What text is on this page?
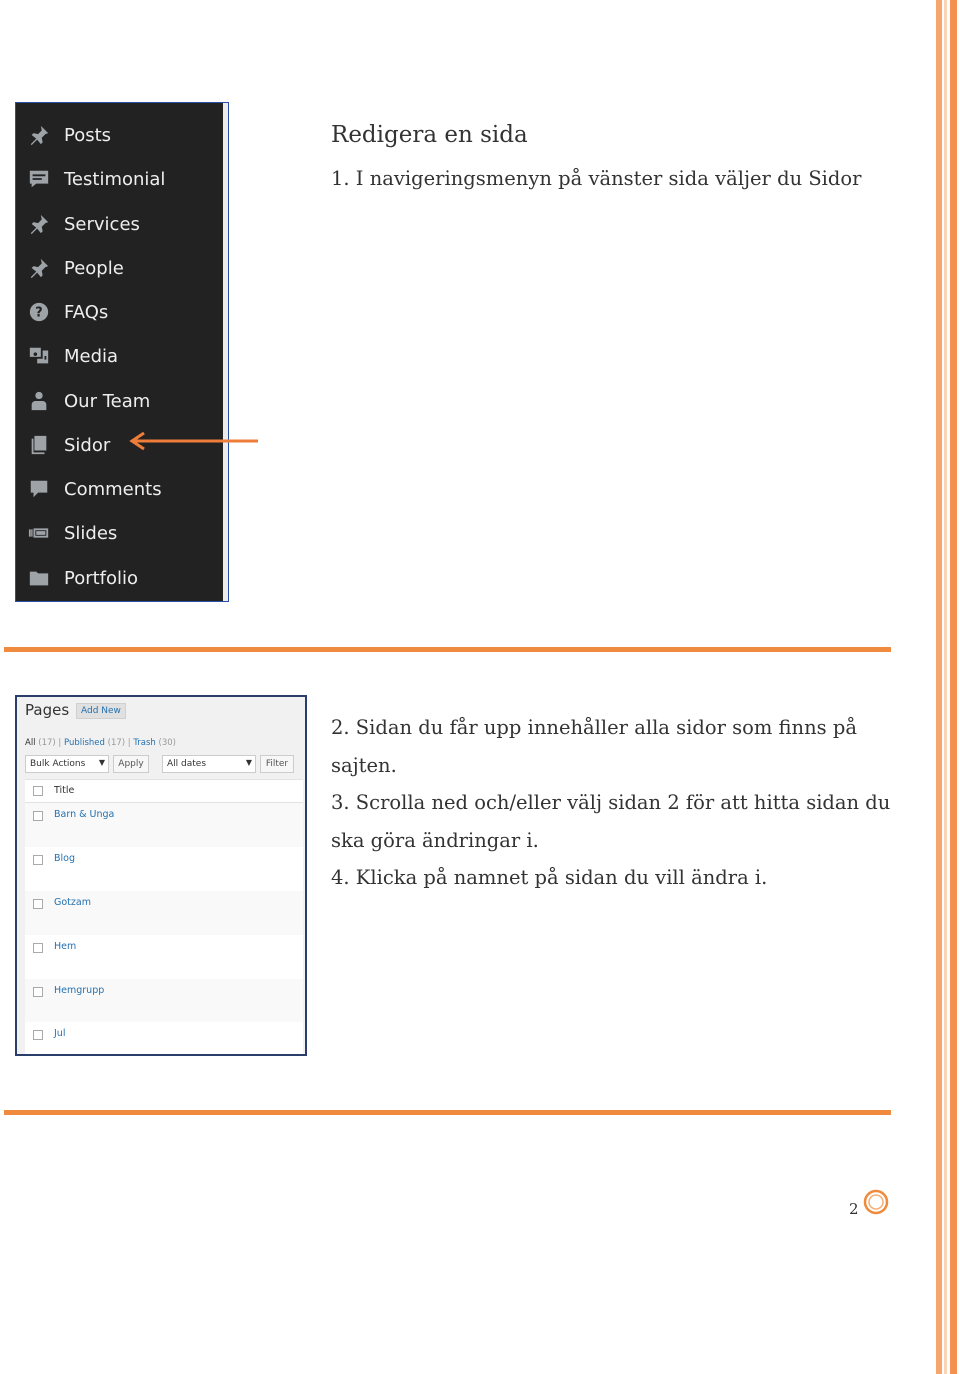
Posts
Testimonial
Services
People
? FAQs
Media
Our Team
Sidor
Comments
Slides
Portfolio
Redigera en sida
1. I navigeringsmenyn på vänster sida väljer du Sidor
Pages	Add New
All (17) | Published (17) | Trash (30)
Bulk Actions ▼	Apply	All dates	▼	Filter
Title
Barn & Unga
Blog
Gotzam
Hem
Hemgrupp
Jul
2. Sidan du får upp innehåller alla sidor som finns på
sajten.
3. Scrolla ned och/eller välj sidan 2 för att hitta sidan du
ska göra ändringar i.
4. Klicka på namnet på sidan du vill ändra i.
2
